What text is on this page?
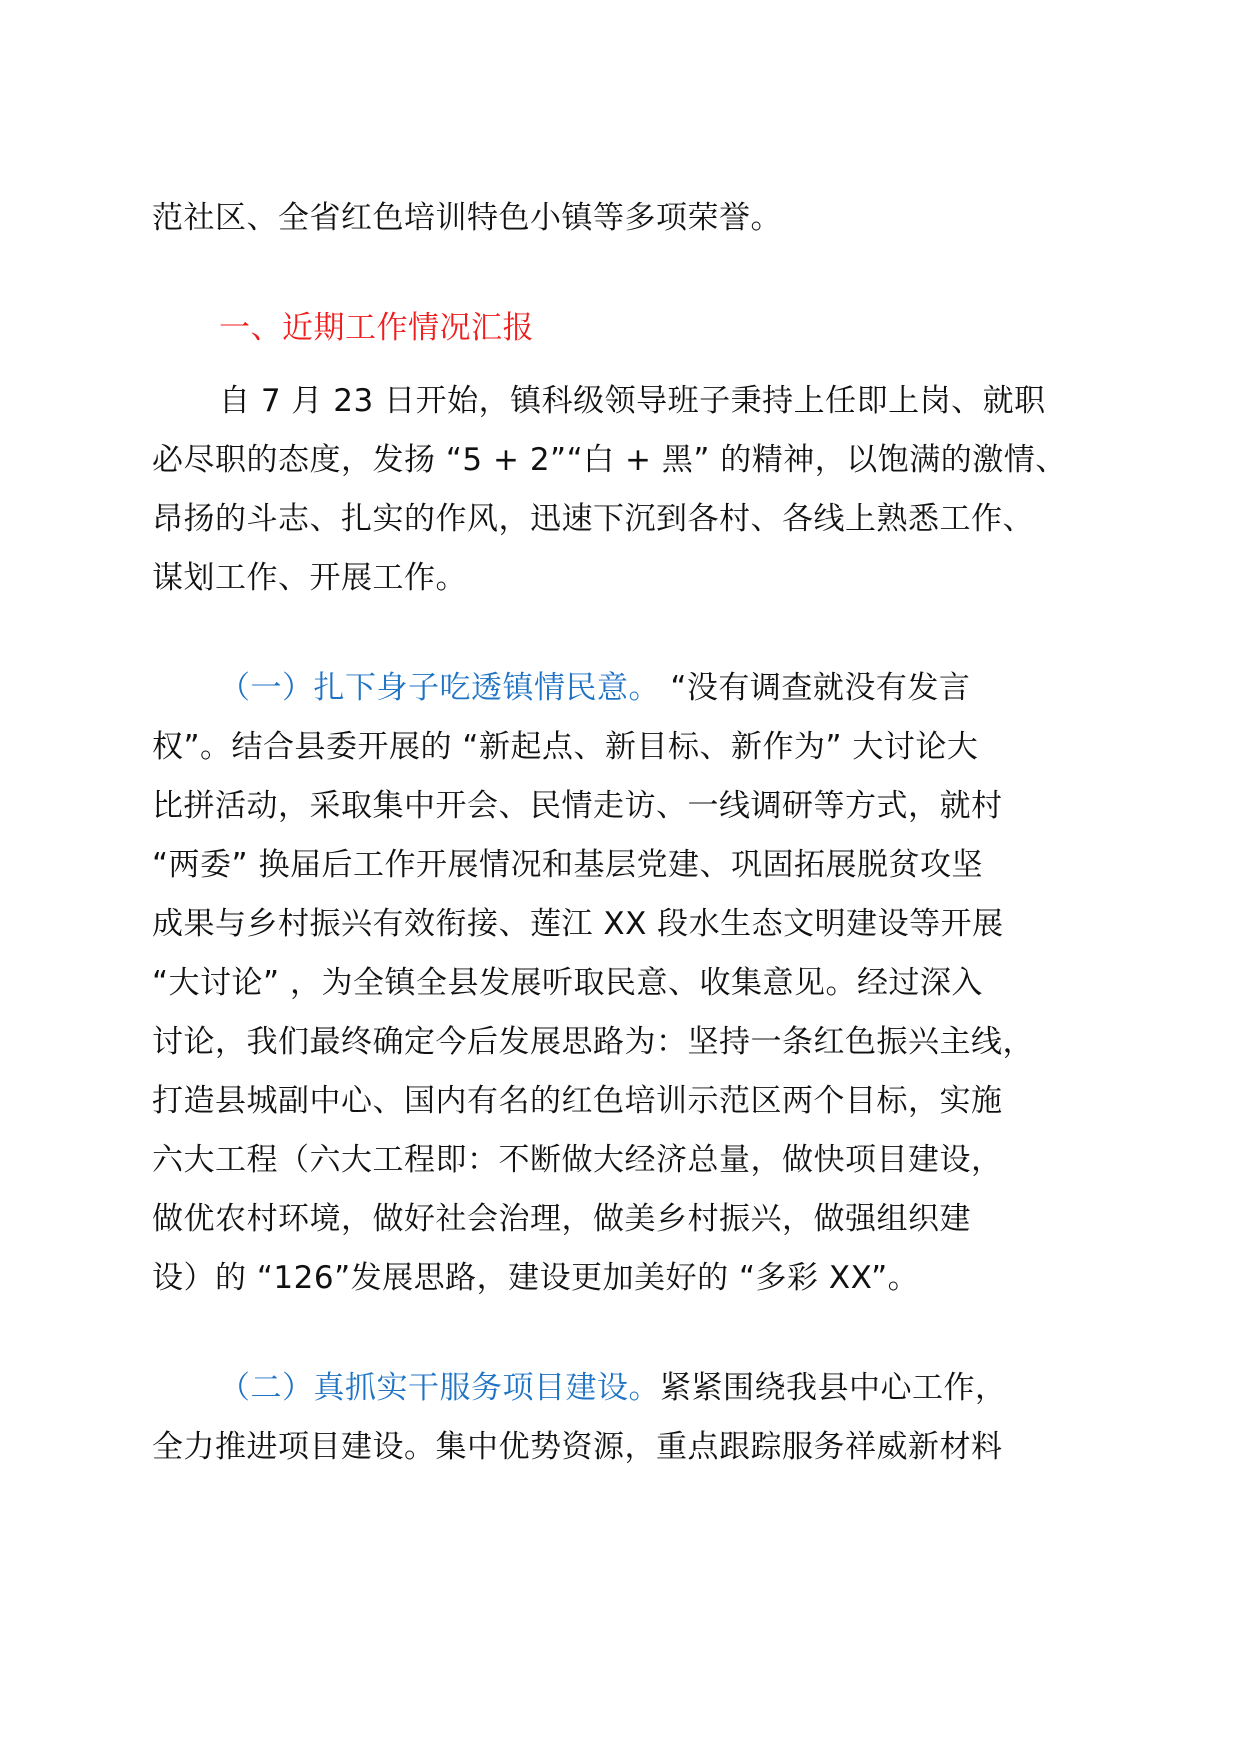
范社区、全省红色培训特色小镇等多项荣誉。
一、近期工作情况汇报
自 7 月 23 日开始，镇科级领导班子秉持上任即上岗、就职
必尽职的态度，发扬 “5 + 2”“白 + 黑” 的精神，以饱满的激情、
昂扬的斗志、扎实的作风，迅速下沉到各村、各线上熟悉工作、
谋划工作、开展工作。
（一）扎下身子吃透镇情民意。 “没有调查就没有发言
权”。结合县委开展的 “新起点、新目标、新作为” 大讨论大
比拼活动，采取集中开会、民情走访、一线调研等方式，就村
“两委” 换届后工作开展情况和基层党建、巩固拓展脱贫攻坚
成果与乡村振兴有效衔接、莲江 XX 段水生态文明建设等开展
“大讨论” ，为全镇全县发展听取民意、收集意见。经过深入
讨论，我们最终确定今后发展思路为：坚持一条红色振兴主线，
打造县城副中心、国内有名的红色培训示范区两个目标，实施
六大工程（六大工程即：不断做大经济总量，做快项目建设，
做优农村环境，做好社会治理，做美乡村振兴，做强组织建
设）的 “126”发展思路，建设更加美好的 “多彩 XX”。
（二）真抓实干服务项目建设。紧紧围绕我县中心工作，
全力推进项目建设。集中优势资源，重点跟踪服务祥威新材料
